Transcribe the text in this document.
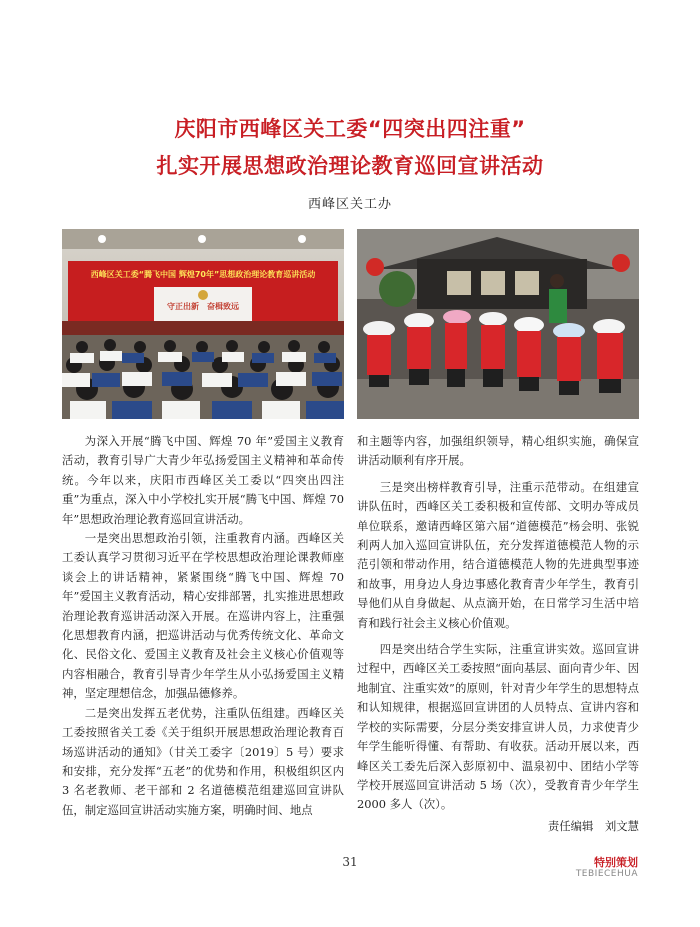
庆阳市西峰区关工委“四突出四注重”
扎实开展思想政治理论教育巡回宣讲活动
西峰区关工办
西峰区关工委“腾飞中国 辉煌70年”思想政治理论教育巡讲活动
守正出新　奋楫致远

为深入开展“腾飞中国、辉煌 70 年”爱国主义教育活动，教育引导广大青少年弘扬爱国主义精神和革命传统。今年以来，庆阳市西峰区关工委以“四突出四注重”为重点，深入中小学校扎实开展“腾飞中国、辉煌 70 年”思想政治理论教育巡回宣讲活动。

一是突出思想政治引领，注重教育内涵。西峰区关工委认真学习贯彻习近平在学校思想政治理论课教师座谈会上的讲话精神，紧紧围绕“腾飞中国、辉煌 70 年”爱国主义教育活动，精心安排部署，扎实推进思想政治理论教育巡讲活动深入开展。在巡讲内容上，注重强化思想教育内涵，把巡讲活动与优秀传统文化、革命文化、民俗文化、爱国主义教育及社会主义核心价值观等内容相融合，教育引导青少年学生从小弘扬爱国主义精神，坚定理想信念，加强品德修养。

二是突出发挥五老优势，注重队伍组建。西峰区关工委按照省关工委《关于组织开展思想政治理论教育百场巡讲活动的通知》（甘关工委字〔2019〕5 号）要求和安排，充分发挥“五老”的优势和作用，积极组织区内 3 名老教师、老干部和 2 名道德模范组建巡回宣讲队伍，制定巡回宣讲活动实施方案，明确时间、地点

和主题等内容，加强组织领导，精心组织实施，确保宣讲活动顺利有序开展。

三是突出榜样教育引导，注重示范带动。在组建宣讲队伍时，西峰区关工委积极和宣传部、文明办等成员单位联系，邀请西峰区第六届“道德模范”杨会明、张锐利两人加入巡回宣讲队伍，充分发挥道德模范人物的示范引领和带动作用，结合道德模范人物的先进典型事迹和故事，用身边人身边事感化教育青少年学生，教育引导他们从自身做起、从点滴开始，在日常学习生活中培育和践行社会主义核心价值观。

四是突出结合学生实际，注重宣讲实效。巡回宣讲过程中，西峰区关工委按照“面向基层、面向青少年、因地制宜、注重实效”的原则，针对青少年学生的思想特点和认知规律，根据巡回宣讲团的人员特点、宣讲内容和学校的实际需要，分层分类安排宣讲人员，力求使青少年学生能听得懂、有帮助、有收获。活动开展以来，西峰区关工委先后深入彭原初中、温泉初中、团结小学等学校开展巡回宣讲活动 5 场（次），受教育青少年学生 2000 多人（次）。

责任编辑　刘文慧

31	特别策划
TEBIECEHUA
